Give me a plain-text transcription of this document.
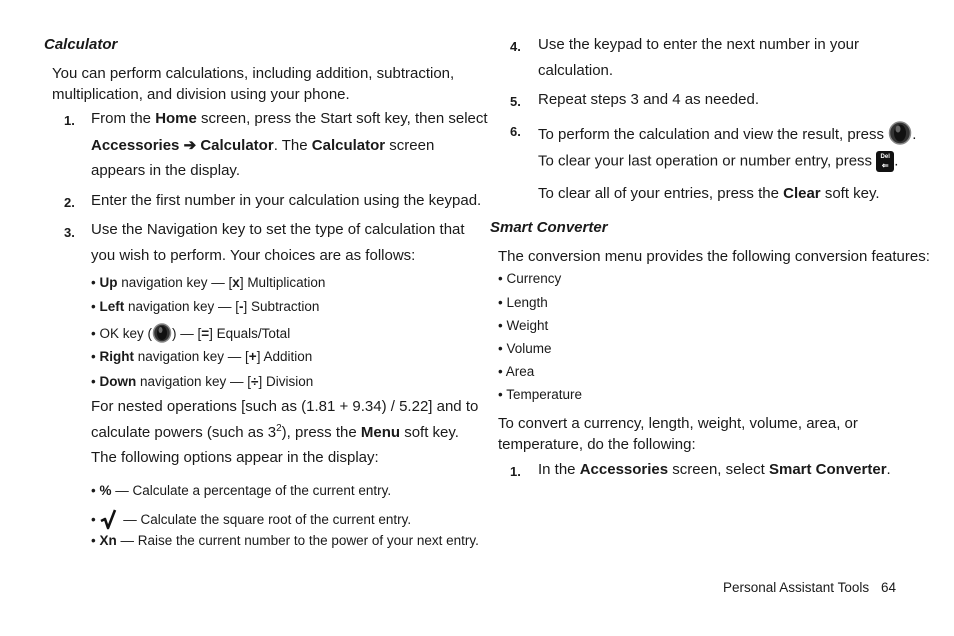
Calculator
You can perform calculations, including addition, subtraction,
multiplication, and division using your phone.
1. From the Home screen, press the Start soft key, then select
Accessories ➔ Calculator. The Calculator screen
appears in the display.
2. Enter the first number in your calculation using the keypad.
3. Use the Navigation key to set the type of calculation that
you wish to perform. Your choices are as follows:
• Up navigation key — [x] Multiplication
• Left navigation key — [-] Subtraction
• OK key ( ) — [=] Equals/Total
• Right navigation key — [+] Addition
• Down navigation key — [÷] Division
For nested operations [such as (1.81 + 9.34) / 5.22] and to
calculate powers (such as $3^2$), press the Menu soft key.
The following options appear in the display:
• % — Calculate a percentage of the current entry.
•  — Calculate the square root of the current entry.
• Xn — Raise the current number to the power of your next entry.
4. Use the keypad to enter the next number in your
calculation.
5. Repeat steps 3 and 4 as needed.
6. To perform the calculation and view the result, press .
To clear your last operation or number entry, press	Del
⇐ .
To clear all of your entries, press the Clear soft key.
Smart Converter
The conversion menu provides the following conversion features:
• Currency
• Length
• Weight
• Volume
• Area
• Temperature
To convert a currency, length, weight, volume, area, or
temperature, do the following:
1. In the Accessories screen, select Smart Converter.
Personal Assistant Tools 64
